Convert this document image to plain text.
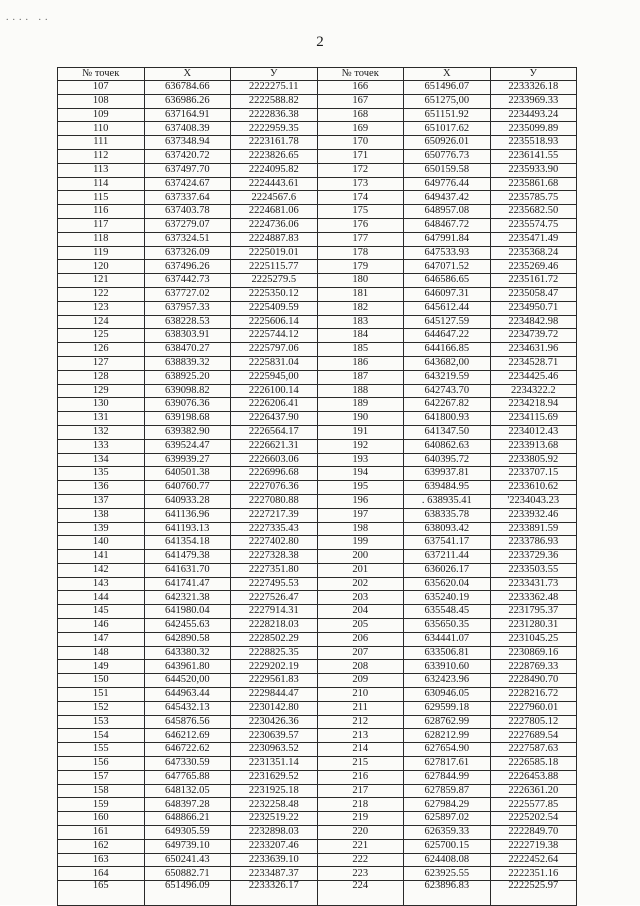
.... ..
2
№ точек	X	У	№ точек	X	У
107	636784.66	2222275.11	166	651496.07	2233326.18
108	636986.26	2222588.82	167	651275,00	2233969.33
109	637164.91	2222836.38	168	651151.92	2234493.24
110	637408.39	2222959.35	169	651017.62	2235099.89
111	637348.94	2223161.78	170	650926.01	2235518.93
112	637420.72	2223826.65	171	650776.73	2236141.55
113	637497.70	2224095.82	172	650159.58	2235933.90
114	637424.67	2224443.61	173	649776.44	2235861.68
115	637337.64	2224567.6	174	649437.42	2235785.75
116	637403.78	2224681.06	175	648957.08	2235682.50
117	637279.07	2224736.06	176	648467.72	2235574.75
118	637324.51	2224887.83	177	647991.84	2235471.49
119	637326.09	2225019.01	178	647533.93	2235368.24
120	637496.26	2225115.77	179	647071.52	2235269.46
121	637442.73	2225279.5	180	646586.65	2235161.72
122	637727.02	2225350.12	181	646097.31	2235058.47
123	637957.33	2225409.59	182	645612.44	2234950.71
124	638228.53	2225606.14	183	645127.59	2234842.98
125	638303.91	2225744.12	184	644647.22	2234739.72
126	638470.27	2225797.06	185	644166.85	2234631.96
127	638839.32	2225831.04	186	643682,00	2234528.71
128	638925.20	2225945,00	187	643219.59	2234425.46
129	639098.82	2226100.14	188	642743.70	2234322.2
130	639076.36	2226206.41	189	642267.82	2234218.94
131	639198.68	2226437.90	190	641800.93	2234115.69
132	639382.90	2226564.17	191	641347.50	2234012.43
133	639524.47	2226621.31	192	640862.63	2233913.68
134	639939.27	2226603.06	193	640395.72	2233805.92
135	640501.38	2226996.68	194	639937.81	2233707.15
136	640760.77	2227076.36	195	639484.95	2233610.62
137	640933.28	2227080.88	196	. 638935.41	'2234043.23
138	641136.96	2227217.39	197	638335.78	2233932.46
139	641193.13	2227335.43	198	638093.42	2233891.59
140	641354.18	2227402.80	199	637541.17	2233786.93
141	641479.38	2227328.38	200	637211.44	2233729.36
142	641631.70	2227351.80	201	636026.17	2233503.55
143	641741.47	2227495.53	202	635620.04	2233431.73
144	642321.38	2227526.47	203	635240.19	2233362.48
145	641980.04	2227914.31	204	635548.45	2231795.37
146	642455.63	2228218.03	205	635650.35	2231280.31
147	642890.58	2228502.29	206	634441.07	2231045.25
148	643380.32	2228825.35	207	633506.81	2230869.16
149	643961.80	2229202.19	208	633910.60	2228769.33
150	644520,00	2229561.83	209	632423.96	2228490.70
151	644963.44	2229844.47	210	630946.05	2228216.72
152	645432.13	2230142.80	211	629599.18	2227960.01
153	645876.56	2230426.36	212	628762.99	2227805.12
154	646212.69	2230639.57	213	628212.99	2227689.54
155	646722.62	2230963.52	214	627654.90	2227587.63
156	647330.59	2231351.14	215	627817.61	2226585.18
157	647765.88	2231629.52	216	627844.99	2226453.88
158	648132.05	2231925.18	217	627859.87	2226361.20
159	648397.28	2232258.48	218	627984.29	2225577.85
160	648866.21	2232519.22	219	625897.02	2225202.54
161	649305.59	2232898.03	220	626359.33	2222849.70
162	649739.10	2233207.46	221	625700.15	2222719.38
163	650241.43	2233639.10	222	624408.08	2222452.64
164	650882.71	2233487.37	223	623925.55	2222351.16
165	651496.09	2233326.17	224	623896.83	2222525.97
